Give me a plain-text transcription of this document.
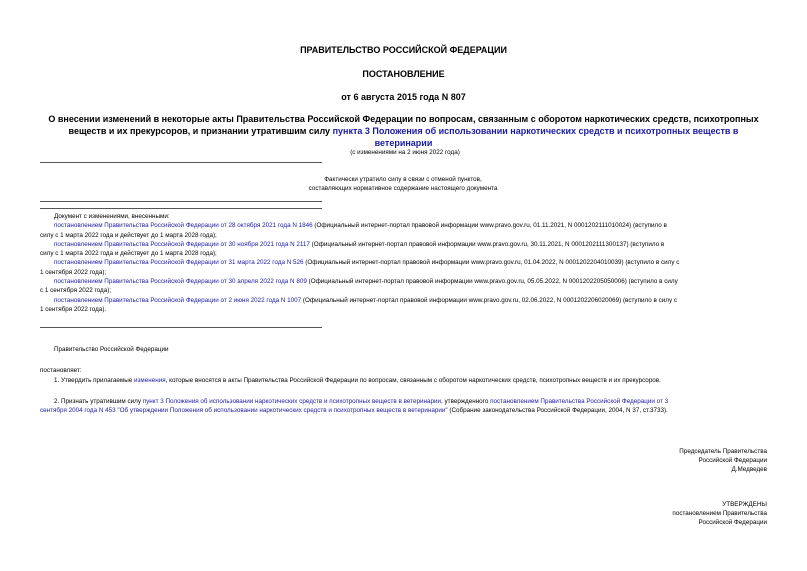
ПРАВИТЕЛЬСТВО РОССИЙСКОЙ ФЕДЕРАЦИИ
ПОСТАНОВЛЕНИЕ
от 6 августа 2015 года N 807
О внесении изменений в некоторые акты Правительства Российской Федерации по вопросам, связанным с оборотом наркотических средств, психотропных
веществ и их прекурсоров, и признании утратившим силу пункта 3 Положения об использовании наркотических средств и психотропных веществ в ветеринарии
(с изменениями на 2 июня 2022 года)
Фактически утратило силу в связи с отменой пунктов,
составляющих нормативное содержание настоящего документа
Документ с изменениями, внесенными:
постановлением Правительства Российской Федерации от 28 октября 2021 года N 1846 (Официальный интернет-портал правовой информации www.pravo.gov.ru, 01.11.2021, N 0001202111010024) (вступило в
силу с 1 марта 2022 года и действует до 1 марта 2028 года);
постановлением Правительства Российской Федерации от 30 ноября 2021 года N 2117 (Официальный интернет-портал правовой информации www.pravo.gov.ru, 30.11.2021, N 0001202111300137) (вступило в
силу с 1 марта 2022 года и действует до 1 марта 2028 года);
постановлением Правительства Российской Федерации от 31 марта 2022 года N 526 (Официальный интернет-портал правовой информации www.pravo.gov.ru, 01.04.2022, N 0001202204010039) (вступило в силу с
1 сентября 2022 года);
постановлением Правительства Российской Федерации от 30 апреля 2022 года N 809 (Официальный интернет-портал правовой информации www.pravo.gov.ru, 05.05.2022, N 0001202205050006) (вступило в силу
с 1 сентября 2022 года);
постановлением Правительства Российской Федерации от 2 июня 2022 года N 1007 (Официальный интернет-портал правовой информации www.pravo.gov.ru, 02.06.2022, N 0001202206020069) (вступило в силу с
1 сентября 2022 года).
Правительство Российской Федерации
постановляет:
1. Утвердить прилагаемые изменения, которые вносятся в акты Правительства Российской Федерации по вопросам, связанным с оборотом наркотических средств, психотропных веществ и их прекурсоров.
2. Признать утратившим силу пункт 3 Положения об использовании наркотических средств и психотропных веществ в ветеринарии, утвержденного постановлением Правительства Российской Федерации от 3
сентября 2004 года N 453 "Об утверждении Положения об использовании наркотических средств и психотропных веществ в ветеринарии" (Собрание законодательства Российской Федерации, 2004, N 37, ст.3733).
Председатель Правительства
Российской Федерации
Д.Медведев
УТВЕРЖДЕНЫ
постановлением Правительства
Российской Федерации
